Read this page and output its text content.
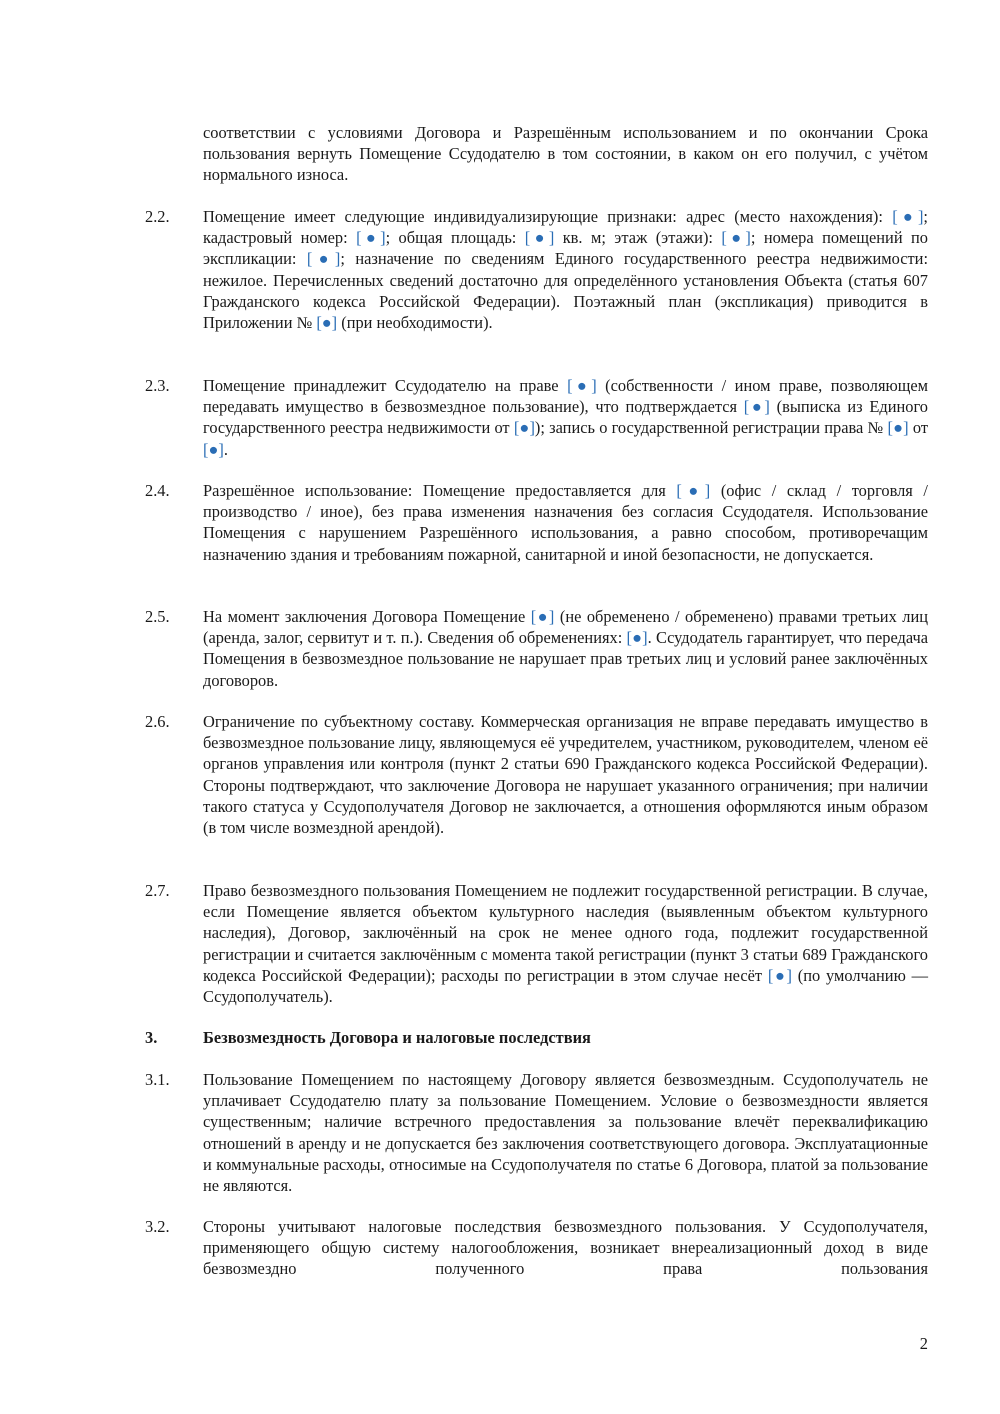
соответствии с условиями Договора и Разрешённым использованием и по окончании Срока пользования вернуть Помещение Ссудодателю в том состоянии, в каком он его получил, с учётом нормального износа.
2.2.	Помещение имеет следующие индивидуализирующие признаки: адрес (место нахождения): [●]; кадастровый номер: [●]; общая площадь: [●] кв. м; этаж (этажи): [●]; номера помещений по экспликации: [●]; назначение по сведениям Единого государственного реестра недвижимости: нежилое. Перечисленных сведений достаточно для определённого установления Объекта (статья 607 Гражданского кодекса Российской Федерации). Поэтажный план (экспликация) приводится в Приложении № [●] (при необходимости).
2.3.	Помещение принадлежит Ссудодателю на праве [●] (собственности / ином праве, позволяющем передавать имущество в безвозмездное пользование), что подтверждается [●] (выписка из Единого государственного реестра недвижимости от [●]); запись о государственной регистрации права № [●] от [●].
2.4.	Разрешённое использование: Помещение предоставляется для [●] (офис / склад / торговля / производство / иное), без права изменения назначения без согласия Ссудодателя. Использование Помещения с нарушением Разрешённого использования, а равно способом, противоречащим назначению здания и требованиям пожарной, санитарной и иной безопасности, не допускается.
2.5.	На момент заключения Договора Помещение [●] (не обременено / обременено) правами третьих лиц (аренда, залог, сервитут и т. п.). Сведения об обременениях: [●]. Ссудодатель гарантирует, что передача Помещения в безвозмездное пользование не нарушает прав третьих лиц и условий ранее заключённых договоров.
2.6.	Ограничение по субъектному составу. Коммерческая организация не вправе передавать имущество в безвозмездное пользование лицу, являющемуся её учредителем, участником, руководителем, членом её органов управления или контроля (пункт 2 статьи 690 Гражданского кодекса Российской Федерации). Стороны подтверждают, что заключение Договора не нарушает указанного ограничения; при наличии такого статуса у Ссудополучателя Договор не заключается, а отношения оформляются иным образом (в том числе возмездной арендой).
2.7.	Право безвозмездного пользования Помещением не подлежит государственной регистрации. В случае, если Помещение является объектом культурного наследия (выявленным объектом культурного наследия), Договор, заключённый на срок не менее одного года, подлежит государственной регистрации и считается заключённым с момента такой регистрации (пункт 3 статьи 689 Гражданского кодекса Российской Федерации); расходы по регистрации в этом случае несёт [●] (по умолчанию — Ссудополучатель).
3.	Безвозмездность Договора и налоговые последствия
3.1.	Пользование Помещением по настоящему Договору является безвозмездным. Ссудополучатель не уплачивает Ссудодателю плату за пользование Помещением. Условие о безвозмездности является существенным; наличие встречного предоставления за пользование влечёт переквалификацию отношений в аренду и не допускается без заключения соответствующего договора. Эксплуатационные и коммунальные расходы, относимые на Ссудополучателя по статье 6 Договора, платой за пользование не являются.
3.2.	Стороны учитывают налоговые последствия безвозмездного пользования. У Ссудополучателя, применяющего общую систему налогообложения, возникает внереализационный доход в виде безвозмездно полученного права пользования
2
